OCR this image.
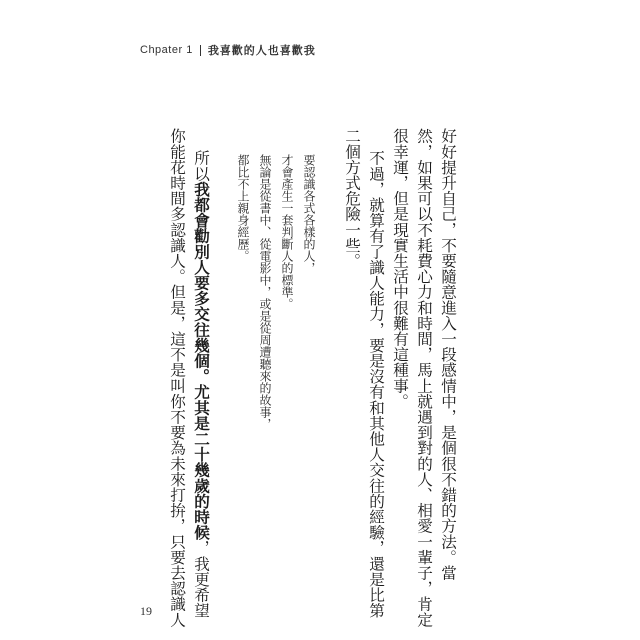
Chpater 1 我喜歡的人也喜歡我
好好提升自己，不要隨意進入一段感情中，是個很不錯的方法。當
然，如果可以不耗費心力和時間，馬上就遇到對的人、相愛一輩子，肯定
很幸運，但是現實生活中很難有這種事。
不過，就算有了識人能力，要是沒有和其他人交往的經驗，還是比第
二個方式危險一些。
要認識各式各樣的人，
才會產生一套判斷人的標準。
無論是從書中、從電影中，或是從周遭聽來的故事，
都比不上親身經歷。
所以我都會勸別人要多交往幾個。尤其是二十幾歲的時候，我更希望
你能花時間多認識人。但是，這不是叫你不要為未來打拚，只要去認識人
19
